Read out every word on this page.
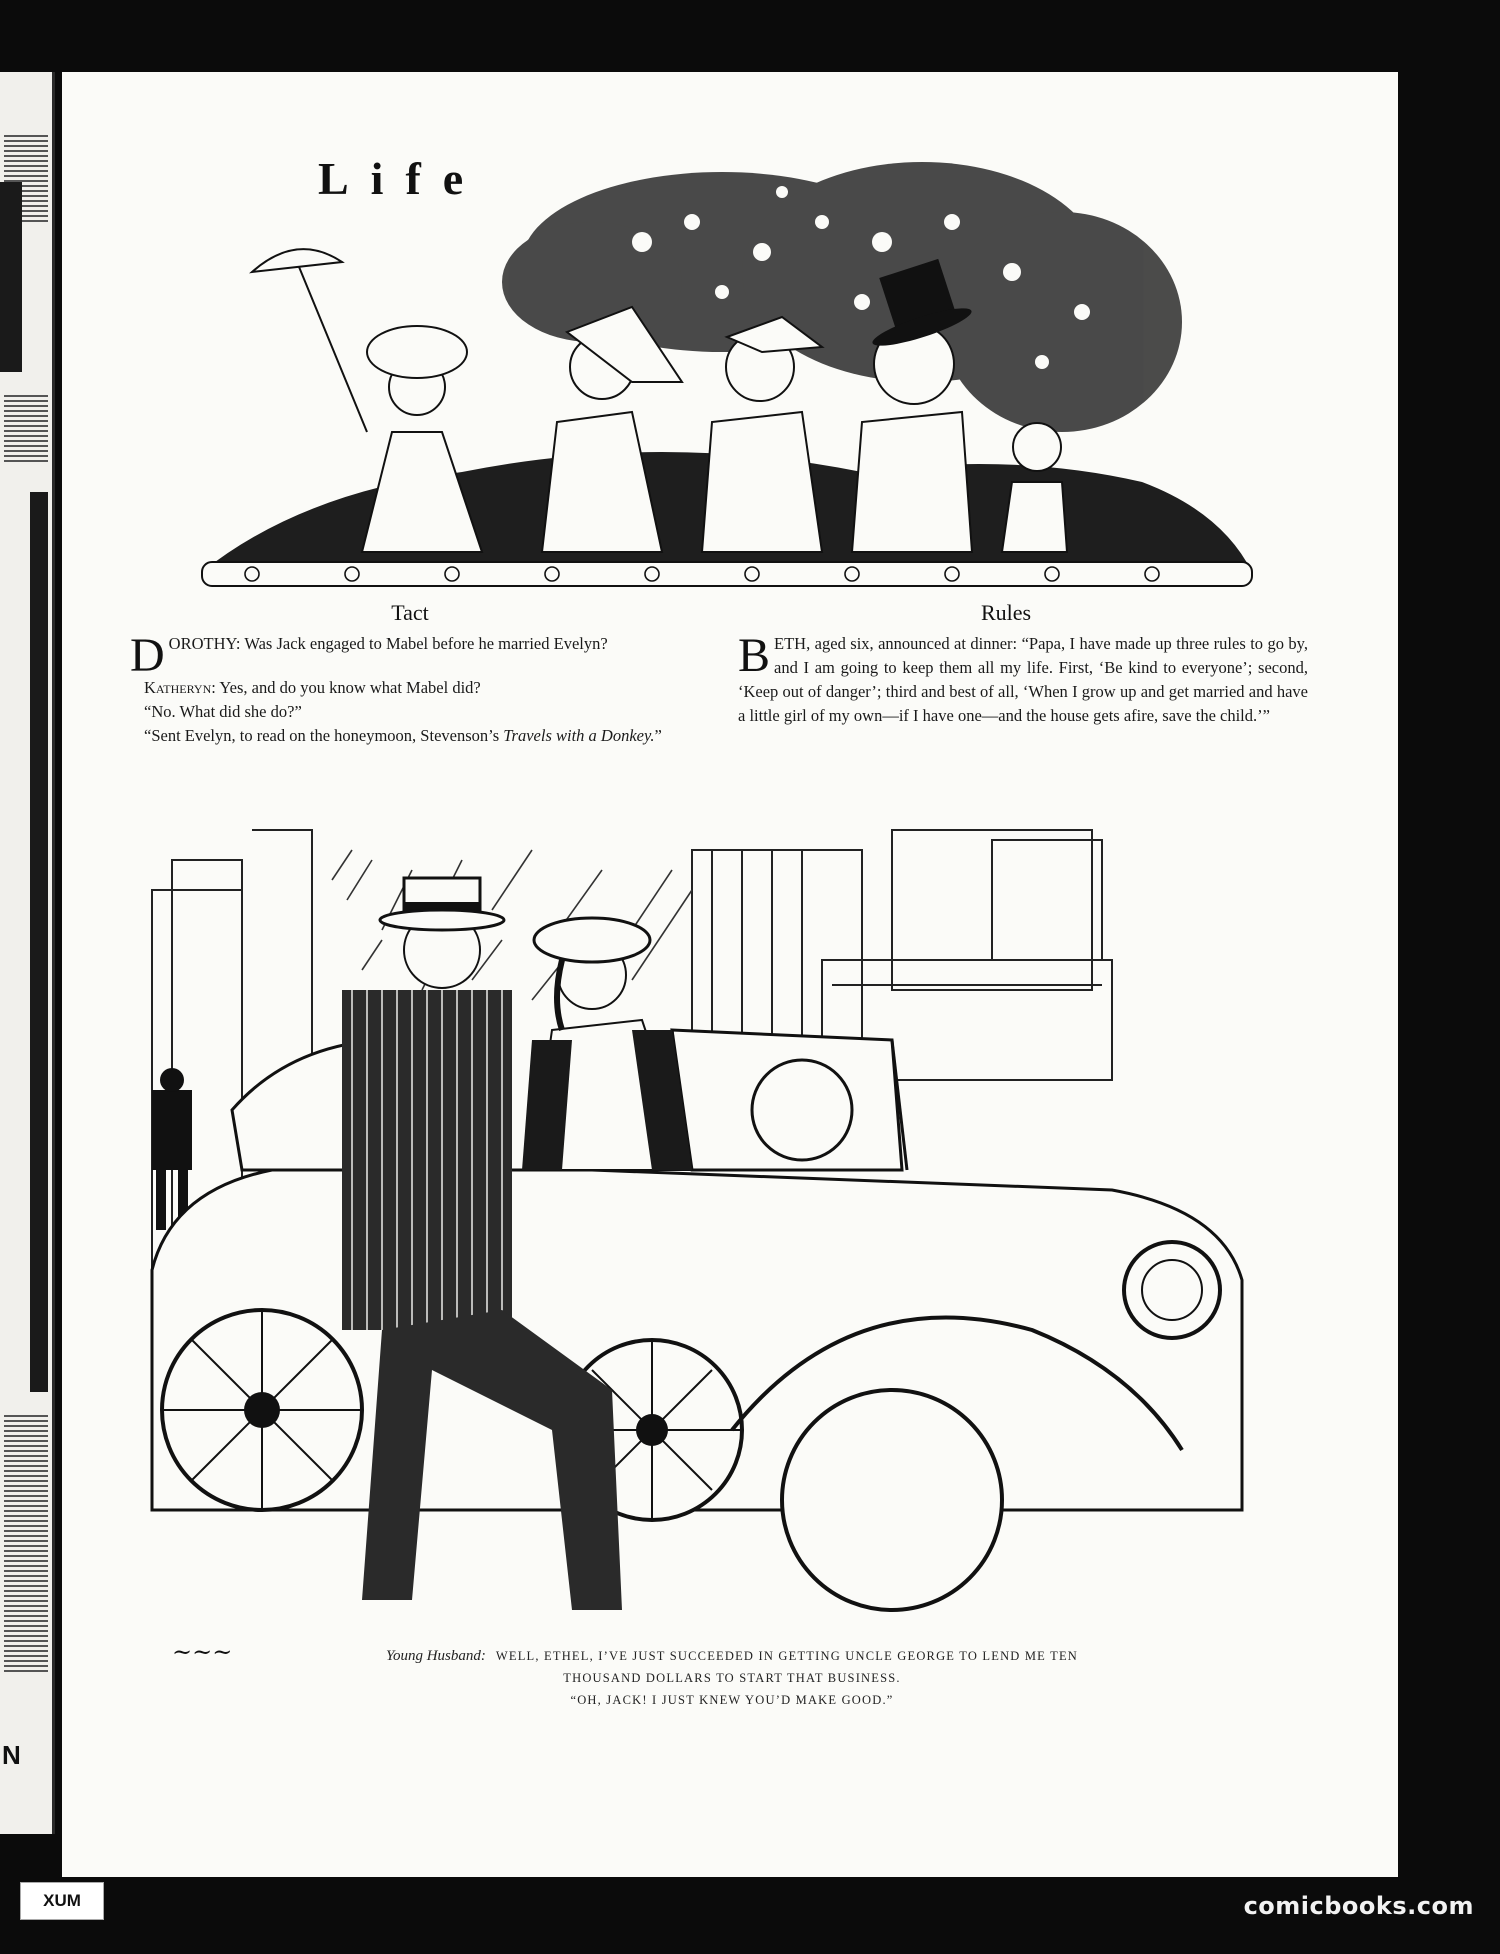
N
Life
Tact

DOROTHY: Was Jack engaged to Mabel before he married Evelyn?

Katheryn: Yes, and do you know what Mabel did?

“No. What did she do?”

“Sent Evelyn, to read on the honeymoon, Stevenson’s Travels with a Donkey.”

Rules

BETH, aged six, announced at dinner: “Papa, I have made up three rules to go by, and I am going to keep them all my life. First, ‘Be kind to everyone’; second, ‘Keep out of danger’; third and best of all, ‘When I grow up and get married and have a little girl of my own—if I have one—and the house gets afire, save the child.’”

~~~	Young Husband: WELL, ETHEL, I’VE JUST SUCCEEDED IN GETTING UNCLE GEORGE TO LEND ME TEN
THOUSAND DOLLARS TO START THAT BUSINESS.
“OH, JACK! I JUST KNEW YOU’D MAKE GOOD.”
XUM	comicbooks.com
